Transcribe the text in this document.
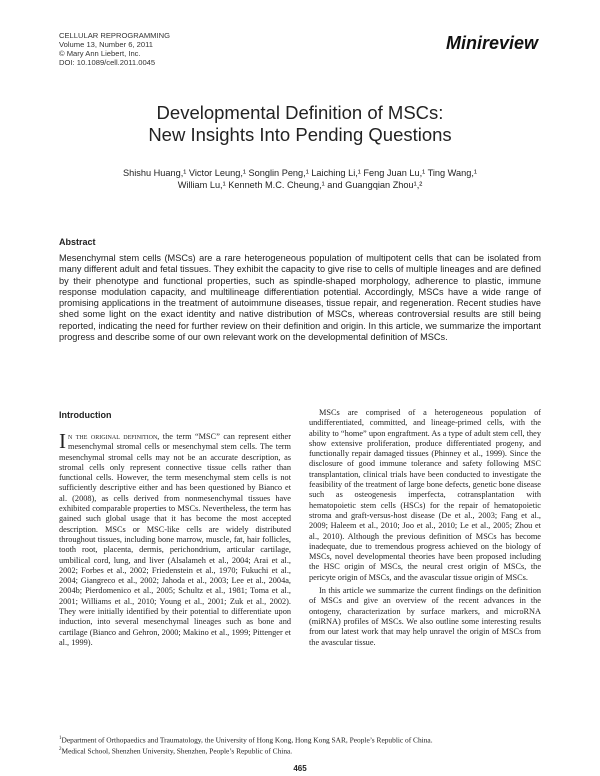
CELLULAR REPROGRAMMING
Volume 13, Number 6, 2011
© Mary Ann Liebert, Inc.
DOI: 10.1089/cell.2011.0045
Minireview
Developmental Definition of MSCs:
New Insights Into Pending Questions
Shishu Huang,¹ Victor Leung,¹ Songlin Peng,¹ Laiching Li,¹ Feng Juan Lu,¹ Ting Wang,¹
William Lu,¹ Kenneth M.C. Cheung,¹ and Guangqian Zhou¹,²
Abstract
Mesenchymal stem cells (MSCs) are a rare heterogeneous population of multipotent cells that can be isolated from many different adult and fetal tissues. They exhibit the capacity to give rise to cells of multiple lineages and are defined by their phenotype and functional properties, such as spindle-shaped morphology, adherence to plastic, immune response modulation capacity, and multilineage differentiation potential. Accordingly, MSCs have a wide range of promising applications in the treatment of autoimmune diseases, tissue repair, and regeneration. Recent studies have shed some light on the exact identity and native distribution of MSCs, whereas controversial results are still being reported, indicating the need for further review on their definition and origin. In this article, we summarize the important progress and describe some of our own relevant work on the developmental definition of MSCs.
Introduction

In the original definition, the term “MSC” can represent either mesenchymal stromal cells or mesenchymal stem cells. The term mesenchymal stromal cells may not be an accurate description, as stromal cells only represent connective tissue cells rather than functional cells. However, the term mesenchymal stem cells is not sufficiently descriptive either and has been questioned by Bianco et al. (2008), as cells derived from nonmesenchymal tissues have exhibited comparable properties to MSCs. Nevertheless, the term has gained such global usage that it has become the most accepted description. MSCs or MSC-like cells are widely distributed throughout tissues, including bone marrow, muscle, fat, hair follicles, tooth root, placenta, dermis, perichondrium, articular cartilage, umbilical cord, lung, and liver (Alsalameh et al., 2004; Arai et al., 2002; Forbes et al., 2002; Friedenstein et al., 1970; Fukuchi et al., 2004; Giangreco et al., 2002; Jahoda et al., 2003; Lee et al., 2004a, 2004b; Pierdomenico et al., 2005; Schultz et al., 1981; Toma et al., 2001; Williams et al., 2010; Young et al., 2001; Zuk et al., 2002). They were initially identified by their potential to differentiate upon induction, into several mesenchymal lineages such as bone and cartilage (Bianco and Gehron, 2000; Makino et al., 1999; Pittenger et al., 1999).

MSCs are comprised of a heterogeneous population of undifferentiated, committed, and lineage-primed cells, with the ability to “home” upon engraftment. As a type of adult stem cell, they show extensive proliferation, produce differentiated progeny, and functionally repair damaged tissues (Phinney et al., 1999). Since the disclosure of good immune tolerance and safety following MSC transplantation, clinical trials have been conducted to investigate the feasibility of the treatment of large bone defects, genetic bone disease such as osteogenesis imperfecta, cotransplantation with hematopoietic stem cells (HSCs) for the repair of hematopoietic stroma and graft-versus-host disease (De et al., 2003; Fang et al., 2009; Haleem et al., 2010; Joo et al., 2010; Le et al., 2005; Zhou et al., 2010). Although the previous definition of MSCs has become inadequate, due to tremendous progress achieved on the biology of MSCs, novel developmental theories have been proposed including the HSC origin of MSCs, the neural crest origin of MSCs, the pericyte origin of MSCs, and the avascular tissue origin of MSCs.

In this article we summarize the current findings on the definition of MSCs and give an overview of the recent advances in the ontogeny, characterization by surface markers, and microRNA (miRNA) profiles of MSCs. We also outline some interesting results from our latest work that may help unravel the origin of MSCs from the avascular tissue.

$^1$Department of Orthopaedics and Traumatology, the University of Hong Kong, Hong Kong SAR, People’s Republic of China.
$^2$Medical School, Shenzhen University, Shenzhen, People’s Republic of China.
465
